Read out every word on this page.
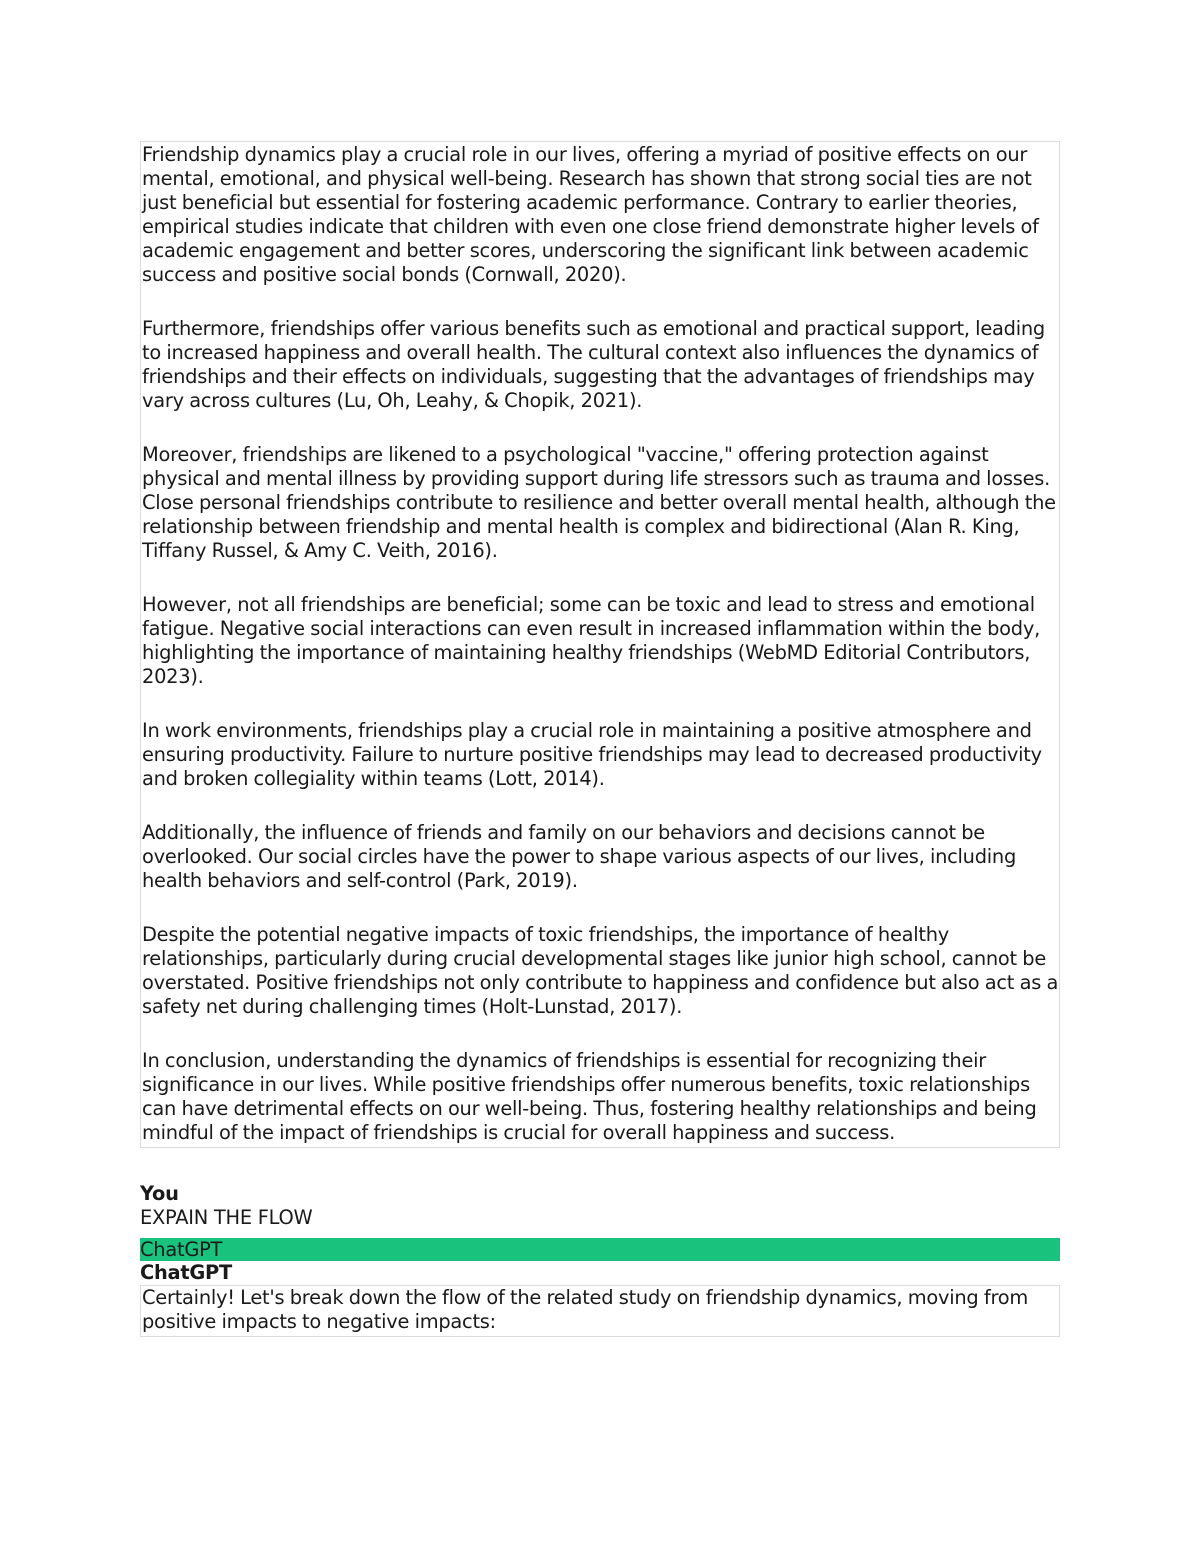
Friendship dynamics play a crucial role in our lives, offering a myriad of positive effects on our mental, emotional, and physical well-being. Research has shown that strong social ties are not just beneficial but essential for fostering academic performance. Contrary to earlier theories, empirical studies indicate that children with even one close friend demonstrate higher levels of academic engagement and better scores, underscoring the significant link between academic success and positive social bonds (Cornwall, 2020).

Furthermore, friendships offer various benefits such as emotional and practical support, leading to increased happiness and overall health. The cultural context also influences the dynamics of friendships and their effects on individuals, suggesting that the advantages of friendships may vary across cultures (Lu, Oh, Leahy, & Chopik, 2021).

Moreover, friendships are likened to a psychological "vaccine," offering protection against physical and mental illness by providing support during life stressors such as trauma and losses. Close personal friendships contribute to resilience and better overall mental health, although the relationship between friendship and mental health is complex and bidirectional (Alan R. King, Tiffany Russel, & Amy C. Veith, 2016).

However, not all friendships are beneficial; some can be toxic and lead to stress and emotional fatigue. Negative social interactions can even result in increased inflammation within the body, highlighting the importance of maintaining healthy friendships (WebMD Editorial Contributors, 2023).

In work environments, friendships play a crucial role in maintaining a positive atmosphere and ensuring productivity. Failure to nurture positive friendships may lead to decreased productivity and broken collegiality within teams (Lott, 2014).

Additionally, the influence of friends and family on our behaviors and decisions cannot be overlooked. Our social circles have the power to shape various aspects of our lives, including health behaviors and self-control (Park, 2019).

Despite the potential negative impacts of toxic friendships, the importance of healthy relationships, particularly during crucial developmental stages like junior high school, cannot be overstated. Positive friendships not only contribute to happiness and confidence but also act as a safety net during challenging times (Holt-Lunstad, 2017).

In conclusion, understanding the dynamics of friendships is essential for recognizing their significance in our lives. While positive friendships offer numerous benefits, toxic relationships can have detrimental effects on our well-being. Thus, fostering healthy relationships and being mindful of the impact of friendships is crucial for overall happiness and success.

You

EXPAIN THE FLOW

ChatGPT

ChatGPT

Certainly! Let's break down the flow of the related study on friendship dynamics, moving from positive impacts to negative impacts:
